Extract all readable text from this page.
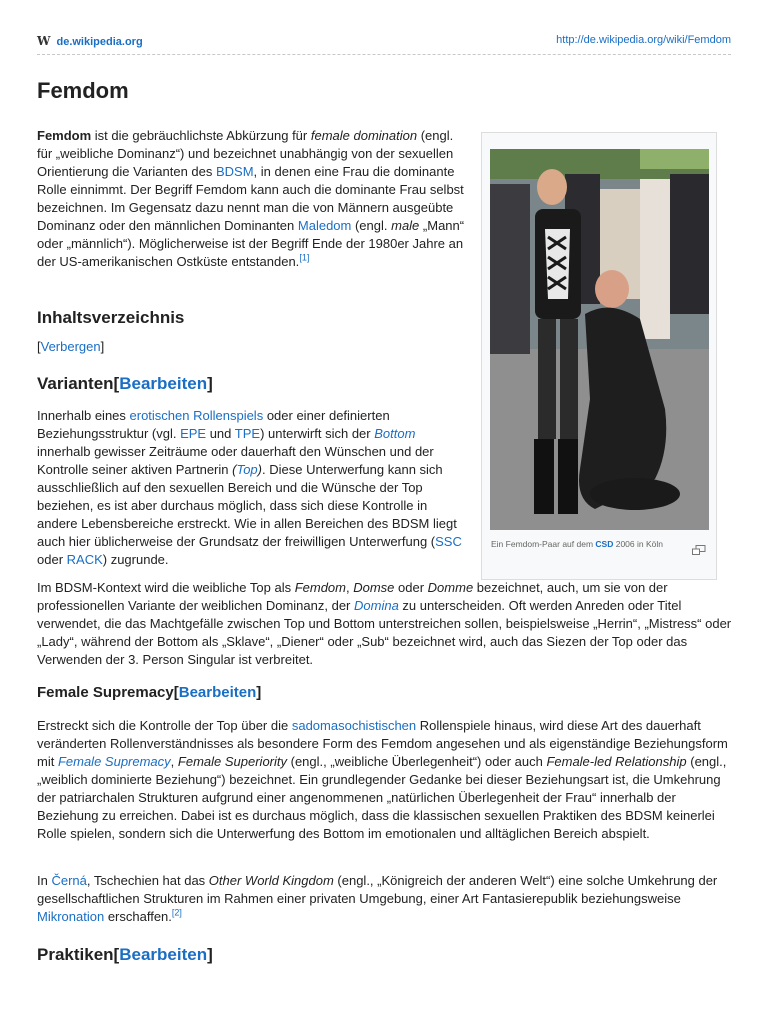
W de.wikipedia.org	http://de.wikipedia.org/wiki/Femdom
Femdom

Femdom ist die gebräuchlichste Abkürzung für female domination (engl. für „weibliche Dominanz“) und bezeichnet unabhängig von der sexuellen Orientierung die Varianten des BDSM, in denen eine Frau die dominante Rolle einnimmt. Der Begriff Femdom kann auch die dominante Frau selbst bezeichnen. Im Gegensatz dazu nennt man die von Männern ausgeübte Dominanz oder den männlichen Dominanten Maledom (engl. male „Mann“ oder „männlich“). Möglicherweise ist der Begriff Ende der 1980er Jahre an der US-amerikanischen Ostküste entstanden.[1]

Inhaltsverzeichnis

[Verbergen]

Varianten[Bearbeiten]

Innerhalb eines erotischen Rollenspiels oder einer definierten Beziehungsstruktur (vgl. EPE und TPE) unterwirft sich der Bottom innerhalb gewisser Zeiträume oder dauerhaft den Wünschen und der Kontrolle seiner aktiven Partnerin (Top). Diese Unterwerfung kann sich ausschließlich auf den sexuellen Bereich und die Wünsche der Top beziehen, es ist aber durchaus möglich, dass sich diese Kontrolle in andere Lebensbereiche erstreckt. Wie in allen Bereichen des BDSM liegt auch hier üblicherweise der Grundsatz der freiwilligen Unterwerfung (SSC oder RACK) zugrunde.

Im BDSM-Kontext wird die weibliche Top als Femdom, Domse oder Domme bezeichnet, auch, um sie von der professionellen Variante der weiblichen Dominanz, der Domina zu unterscheiden. Oft werden Anreden oder Titel verwendet, die das Machtgefälle zwischen Top und Bottom unterstreichen sollen, beispielsweise „Herrin“, „Mistress“ oder „Lady“, während der Bottom als „Sklave“, „Diener“ oder „Sub“ bezeichnet wird, auch das Siezen der Top oder das Verwenden der 3. Person Singular ist verbreitet.

Female Supremacy[Bearbeiten]

Erstreckt sich die Kontrolle der Top über die sadomasochistischen Rollenspiele hinaus, wird diese Art des dauerhaft veränderten Rollenverständnisses als besondere Form des Femdom angesehen und als eigenständige Beziehungsform mit Female Supremacy, Female Superiority (engl., „weibliche Überlegenheit“) oder auch Female-led Relationship (engl., „weiblich dominierte Beziehung“) bezeichnet. Ein grundlegender Gedanke bei dieser Beziehungsart ist, die Umkehrung der patriarchalen Strukturen aufgrund einer angenommenen „natürlichen Überlegenheit der Frau“ innerhalb der Beziehung zu erreichen. Dabei ist es durchaus möglich, dass die klassischen sexuellen Praktiken des BDSM keinerlei Rolle spielen, sondern sich die Unterwerfung des Bottom im emotionalen und alltäglichen Bereich abspielt.

In Černá, Tschechien hat das Other World Kingdom (engl., „Königreich der anderen Welt“) eine solche Umkehrung der gesellschaftlichen Strukturen im Rahmen einer privaten Umgebung, einer Art Fantasierepublik beziehungsweise Mikronation erschaffen.[2]

Praktiken[Bearbeiten]
Ein Femdom-Paar auf dem CSD 2006 in Köln
